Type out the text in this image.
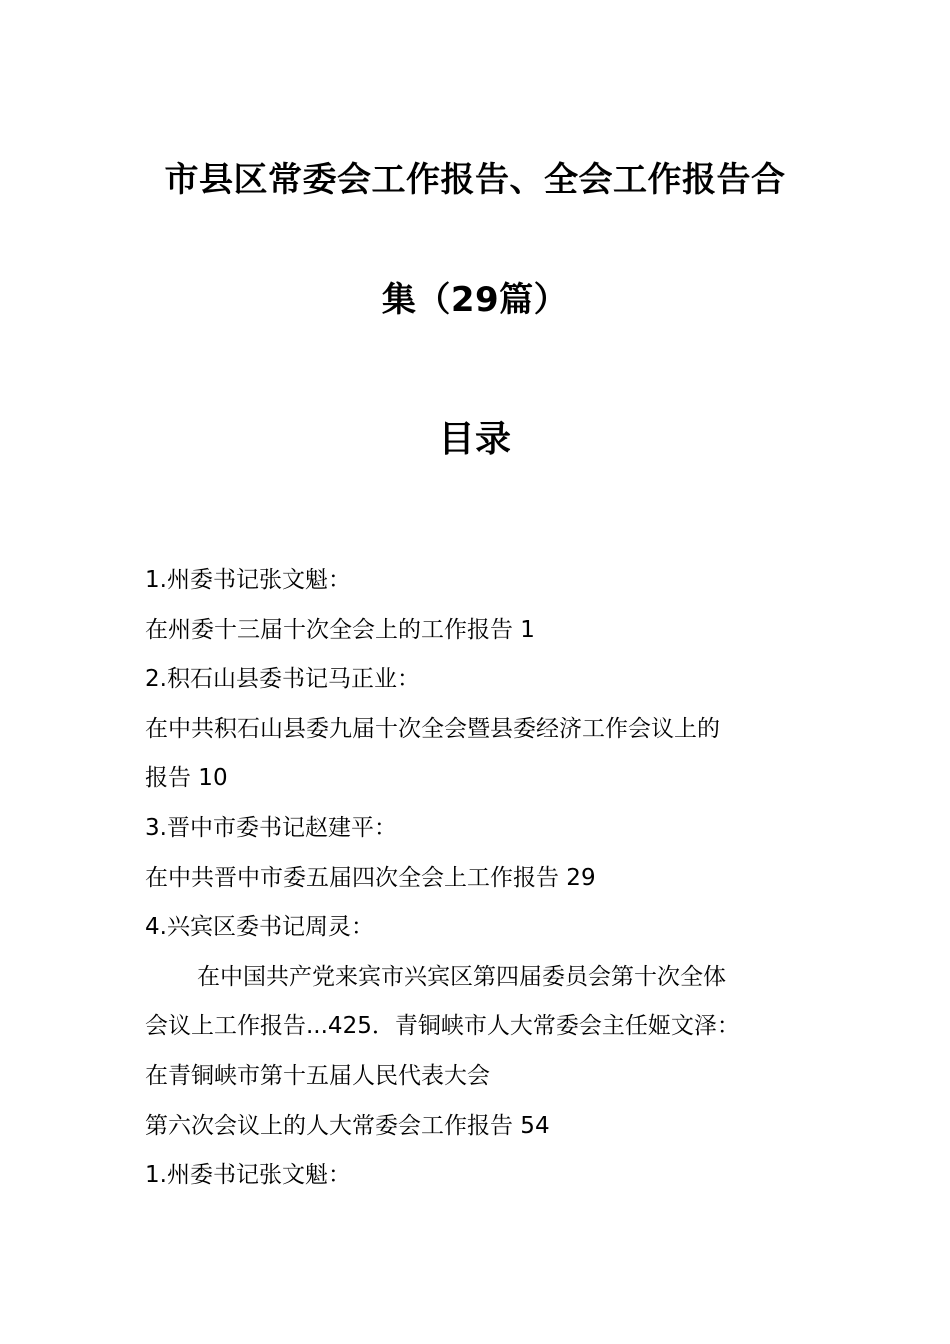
市县区常委会工作报告、全会工作报告合
集（29篇）
目录
1.州委书记张文魁：
在州委十三届十次全会上的工作报告 1
2.积石山县委书记马正业：
在中共积石山县委九届十次全会暨县委经济工作会议上的
报告 10
3.晋中市委书记赵建平：
在中共晋中市委五届四次全会上工作报告 29
4.兴宾区委书记周灵：
在中国共产党来宾市兴宾区第四届委员会第十次全体
会议上工作报告...425．青铜峡市人大常委会主任姬文泽：
在青铜峡市第十五届人民代表大会
第六次会议上的人大常委会工作报告 54
1.州委书记张文魁：
